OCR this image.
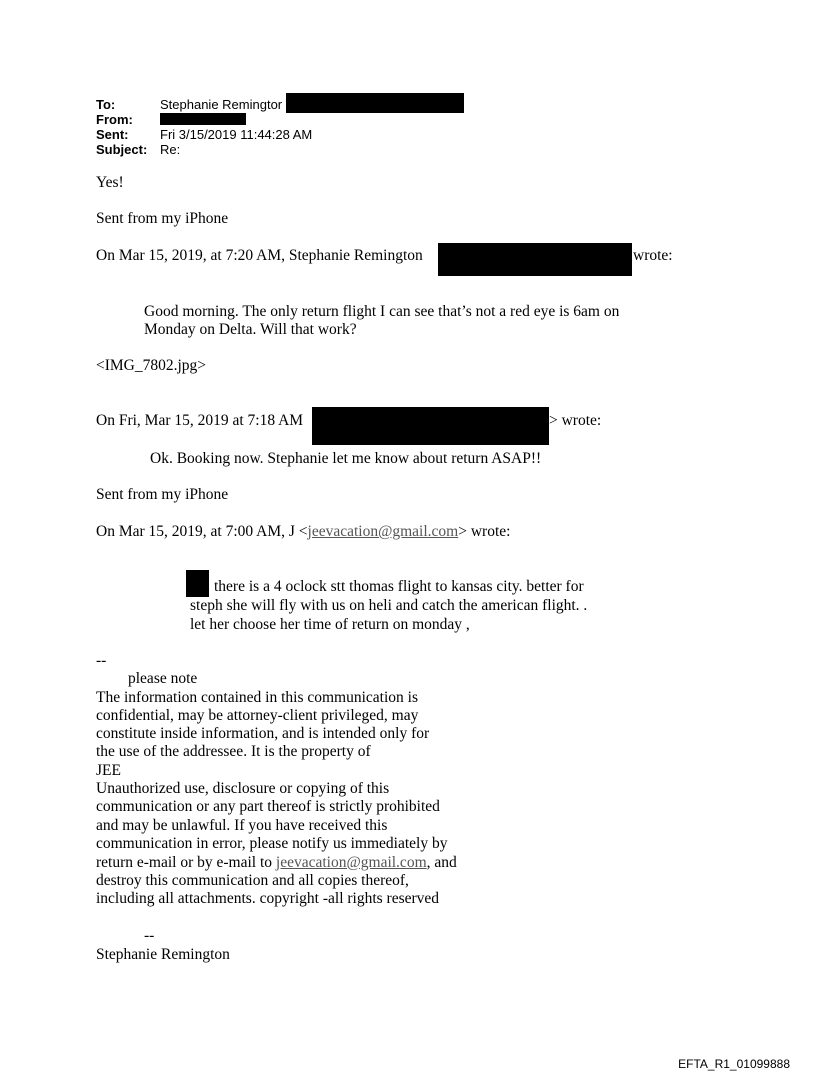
To:	Stephanie Remingtor
From:
Sent: Fri 3/15/2019 11:44:28 AM
Subject: Re:
Yes!
Sent from my iPhone
On Mar 15, 2019, at 7:20 AM, Stephanie Remington	wrote:
Good morning. The only return flight I can see that’s not a red eye is 6am on
Monday on Delta. Will that work?
<IMG_7802.jpg>
On Fri, Mar 15, 2019 at 7:18 AM	> wrote:
Ok. Booking now. Stephanie let me know about return ASAP!!
Sent from my iPhone
On Mar 15, 2019, at 7:00 AM, J <jeevacation@gmail.com> wrote:
there is a 4 oclock stt thomas flight to kansas city. better for
steph she will fly with us on heli and catch the american flight. .
let her choose her time of return on monday ,
--
please note
The information contained in this communication is
confidential, may be attorney-client privileged, may
constitute inside information, and is intended only for
the use of the addressee. It is the property of
JEE
Unauthorized use, disclosure or copying of this
communication or any part thereof is strictly prohibited
and may be unlawful. If you have received this
communication in error, please notify us immediately by
return e-mail or by e-mail to jeevacation@gmail.com, and
destroy this communication and all copies thereof,
including all attachments. copyright -all rights reserved
--
Stephanie Remington
EFTA_R1_01099888
